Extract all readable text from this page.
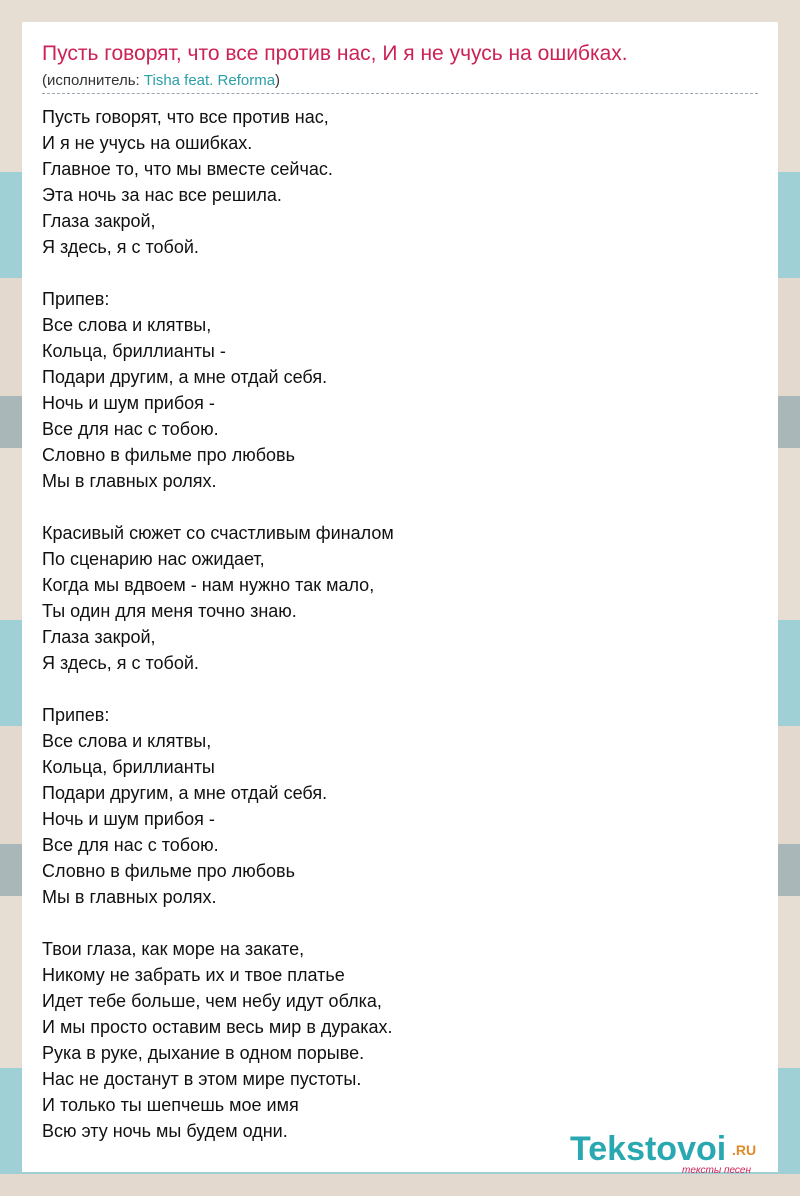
Пусть говорят, что все против нас, И я не учусь на ошибках.
(исполнитель: Tisha feat. Reforma)
Пусть говорят, что все против нас,
И я не учусь на ошибках.
Главное то, что мы вместе сейчас.
Эта ночь за нас все решила.
Глаза закрой,
Я здесь, я с тобой.
Припев:
Все слова и клятвы,
Кольца, бриллианты -
Подари другим, а мне отдай себя.
Ночь и шум прибоя -
Все для нас с тобою.
Словно в фильме про любовь
Мы в главных ролях.
Красивый сюжет со счастливым финалом
По сценарию нас ожидает,
Когда мы вдвоем - нам нужно так мало,
Ты один для меня точно знаю.
Глаза закрой,
Я здесь, я с тобой.
Припев:
Все слова и клятвы,
Кольца, бриллианты
Подари другим, а мне отдай себя.
Ночь и шум прибоя -
Все для нас с тобою.
Словно в фильме про любовь
Мы в главных ролях.
Твои глаза, как море на закате,
Никому не забрать их и твое платье
Идет тебе больше, чем небу идут облка,
И мы просто оставим весь мир в дураках.
Рука в руке, дыхание в одном порыве.
Нас не достанут в этом мире пустоты.
И только ты шепчешь мое имя
Всю эту ночь мы будем одни.	Tekstovoi .RU
тексты песен
